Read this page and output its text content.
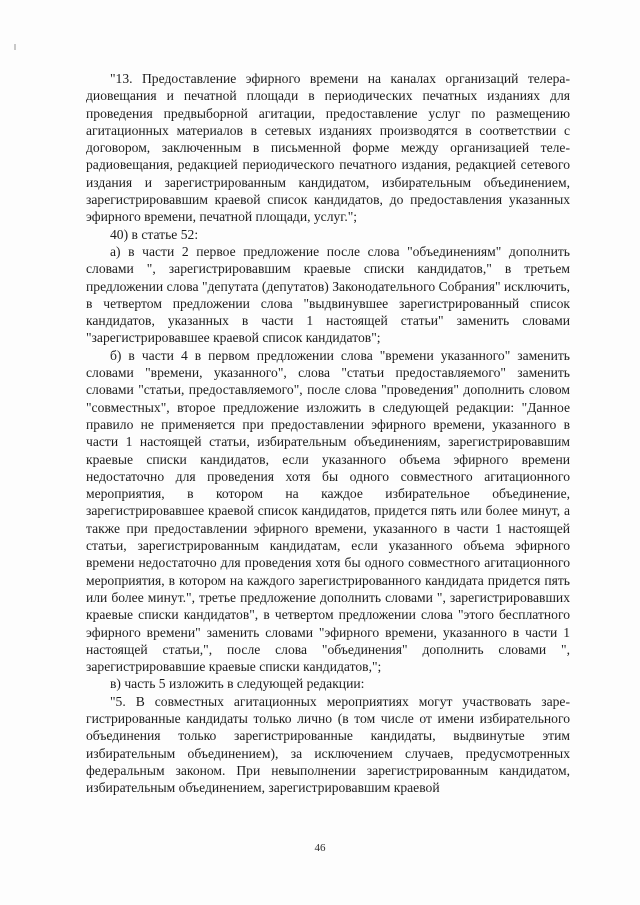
"13. Предоставление эфирного времени на каналах организаций телерадиовещания и печатной площади в периодических печатных изданиях для проведения предвыборной агитации, предоставление услуг по размещению агитационных материалов в сетевых изданиях производятся в соответствии с договором, заключенным в письменной форме между организацией телерадиовещания, редакцией периодического печатного издания, редакцией сетевого издания и зарегистрированным кандидатом, избирательным объединением, зарегистрировавшим краевой список кандидатов, до предоставления указанных эфирного времени, печатной площади, услуг.";

40) в статье 52:

а) в части 2 первое предложение после слова "объединениям" дополнить словами ", зарегистрировавшим краевые списки кандидатов," в третьем предложении слова "депутата (депутатов) Законодательного Собрания" исключить, в четвертом предложении слова "выдвинувшее зарегистрированный список кандидатов, указанных в части 1 настоящей статьи" заменить словами "зарегистрировавшее краевой список кандидатов";

б) в части 4 в первом предложении слова "времени указанного" заменить словами "времени, указанного", слова "статьи предоставляемого" заменить словами "статьи, предоставляемого", после слова "проведения" дополнить словом "совместных", второе предложение изложить в следующей редакции: "Данное правило не применяется при предоставлении эфирного времени, указанного в части 1 настоящей статьи, избирательным объединениям, зарегистрировавшим краевые списки кандидатов, если указанного объема эфирного времени недостаточно для проведения хотя бы одного совместного агитационного мероприятия, в котором на каждое избирательное объединение, зарегистрировавшее краевой список кандидатов, придется пять или более минут, а также при предоставлении эфирного времени, указанного в части 1 настоящей статьи, зарегистрированным кандидатам, если указанного объема эфирного времени недостаточно для проведения хотя бы одного совместного агитационного мероприятия, в котором на каждого зарегистрированного кандидата придется пять или более минут.", третье предложение дополнить словами ", зарегистрировавших краевые списки кандидатов", в четвертом предложении слова "этого бесплатного эфирного времени" заменить словами "эфирного времени, указанного в части 1 настоящей статьи,", после слова "объединения" дополнить словами ", зарегистрировавшие краевые списки кандидатов,";

в) часть 5 изложить в следующей редакции:

"5. В совместных агитационных мероприятиях могут участвовать зарегистрированные кандидаты только лично (в том числе от имени избирательного объединения только зарегистрированные кандидаты, выдвинутые этим избирательным объединением), за исключением случаев, предусмотренных федеральным законом. При невыполнении зарегистрированным кандидатом, избирательным объединением, зарегистрировавшим краевой

46
